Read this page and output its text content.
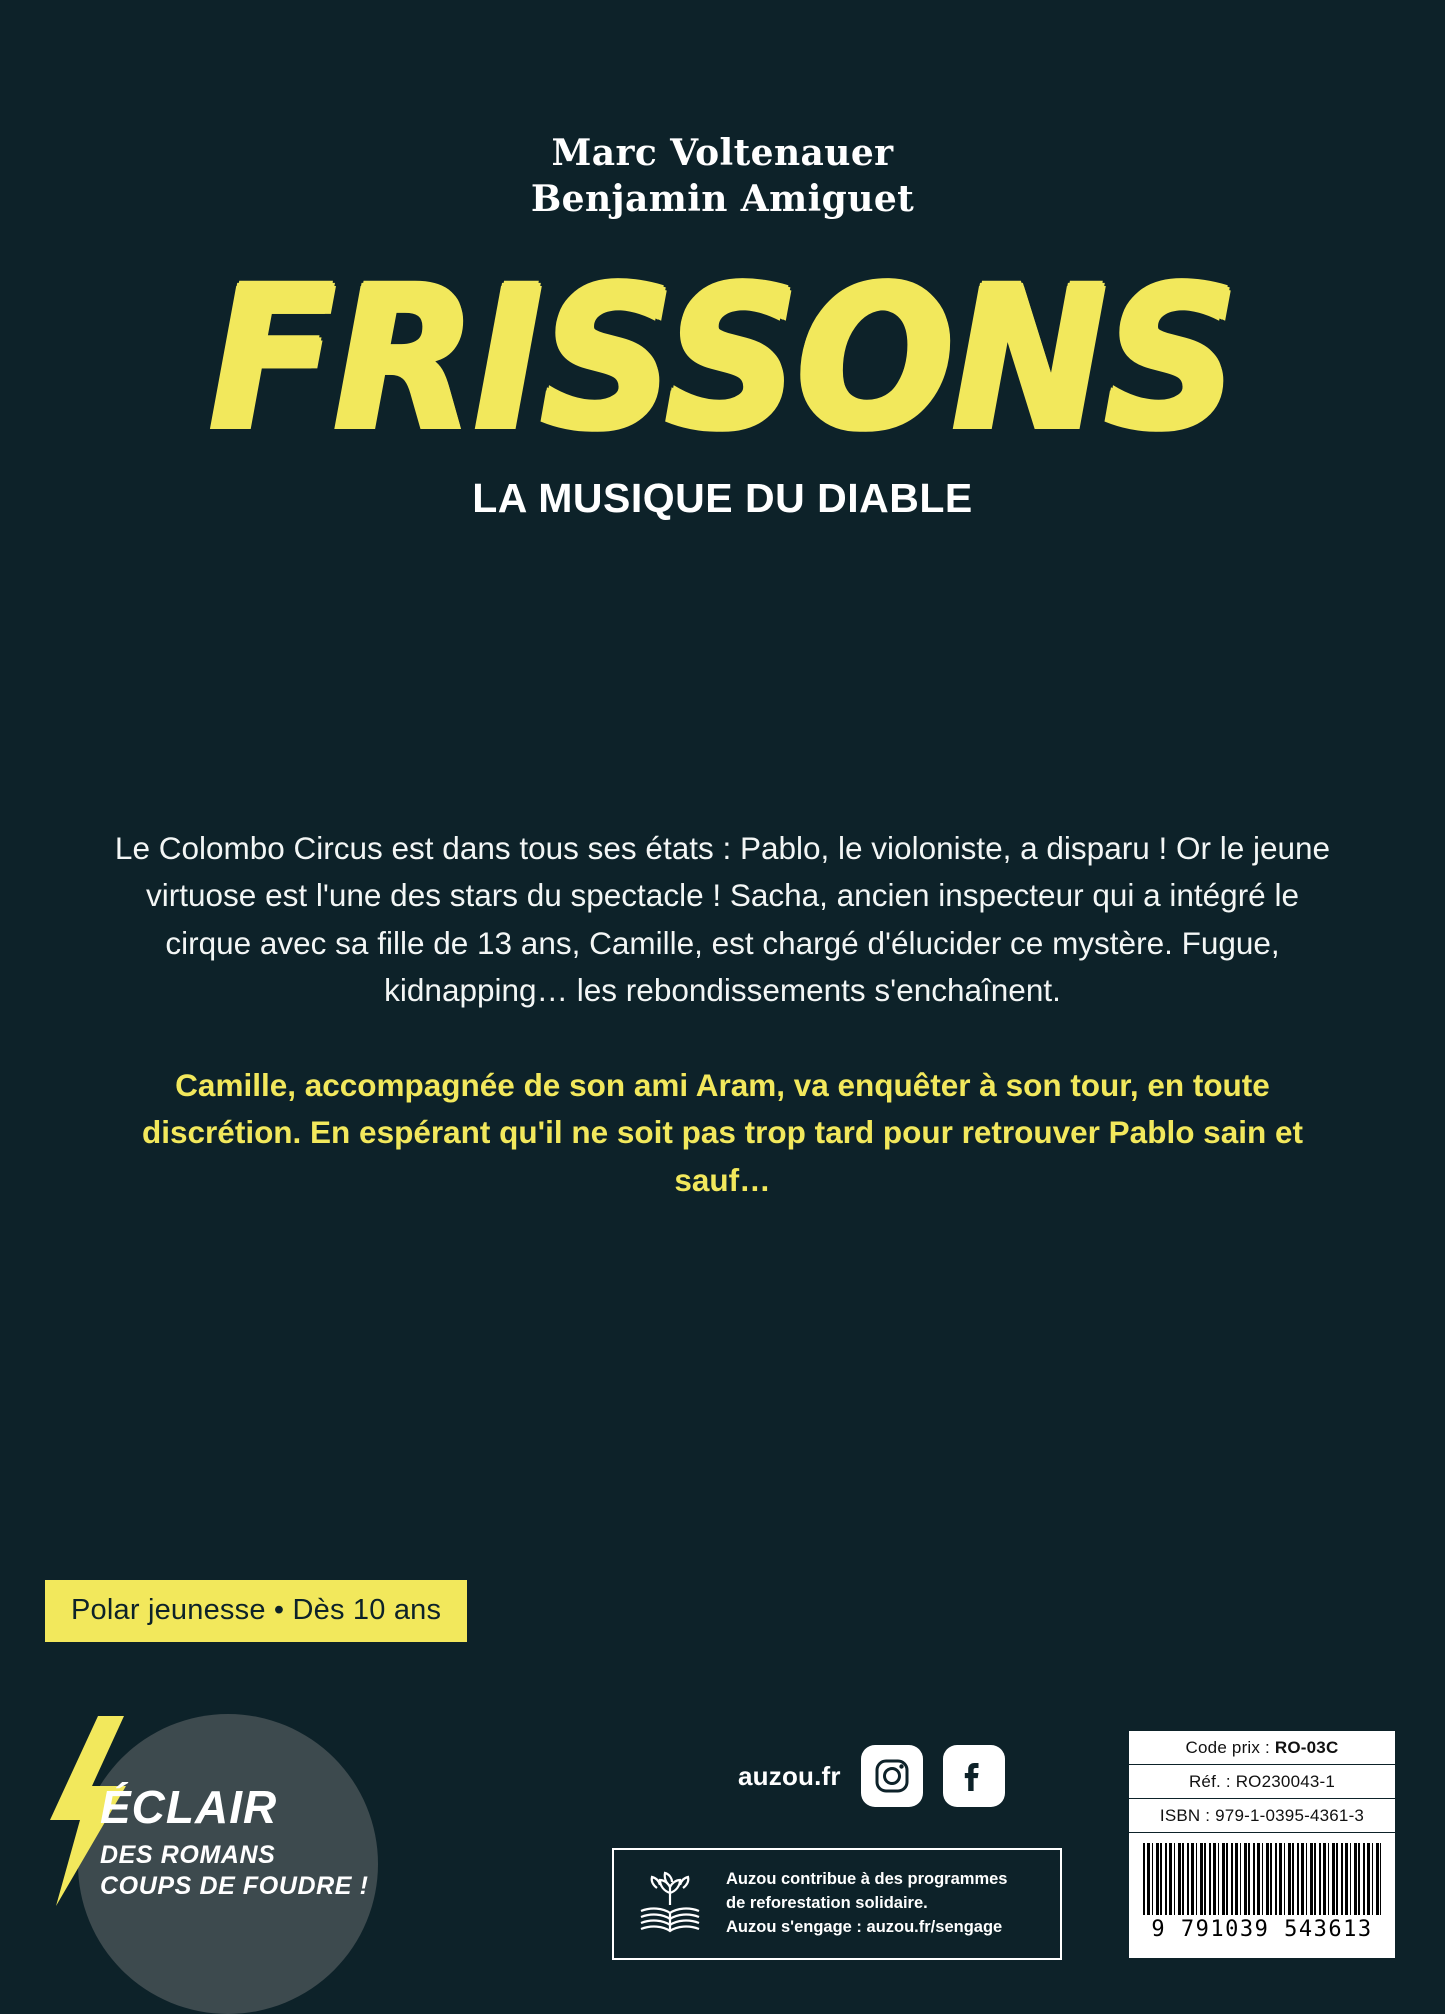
Marc Voltenauer
Benjamin Amiguet
FRISSONS
LA MUSIQUE DU DIABLE

Le Colombo Circus est dans tous ses états : Pablo, le violoniste, a disparu ! Or le jeune virtuose est l'une des stars du spectacle ! Sacha, ancien inspecteur qui a intégré le cirque avec sa fille de 13 ans, Camille, est chargé d'élucider ce mystère. Fugue, kidnapping… les rebondissements s'enchaînent.

Camille, accompagnée de son ami Aram, va enquêter à son tour, en toute discrétion. En espérant qu'il ne soit pas trop tard pour retrouver Pablo sain et sauf…

Polar jeunesse • Dès 10 ans
ÉCLAIR
DES ROMANS
COUPS DE FOUDRE !
auzou.fr
Auzou contribue à des programmes
de reforestation solidaire.
Auzou s'engage : auzou.fr/sengage
Code prix : RO-03C
Réf. : RO230043-1
ISBN : 979-1-0395-4361-3
9 791039 543613
